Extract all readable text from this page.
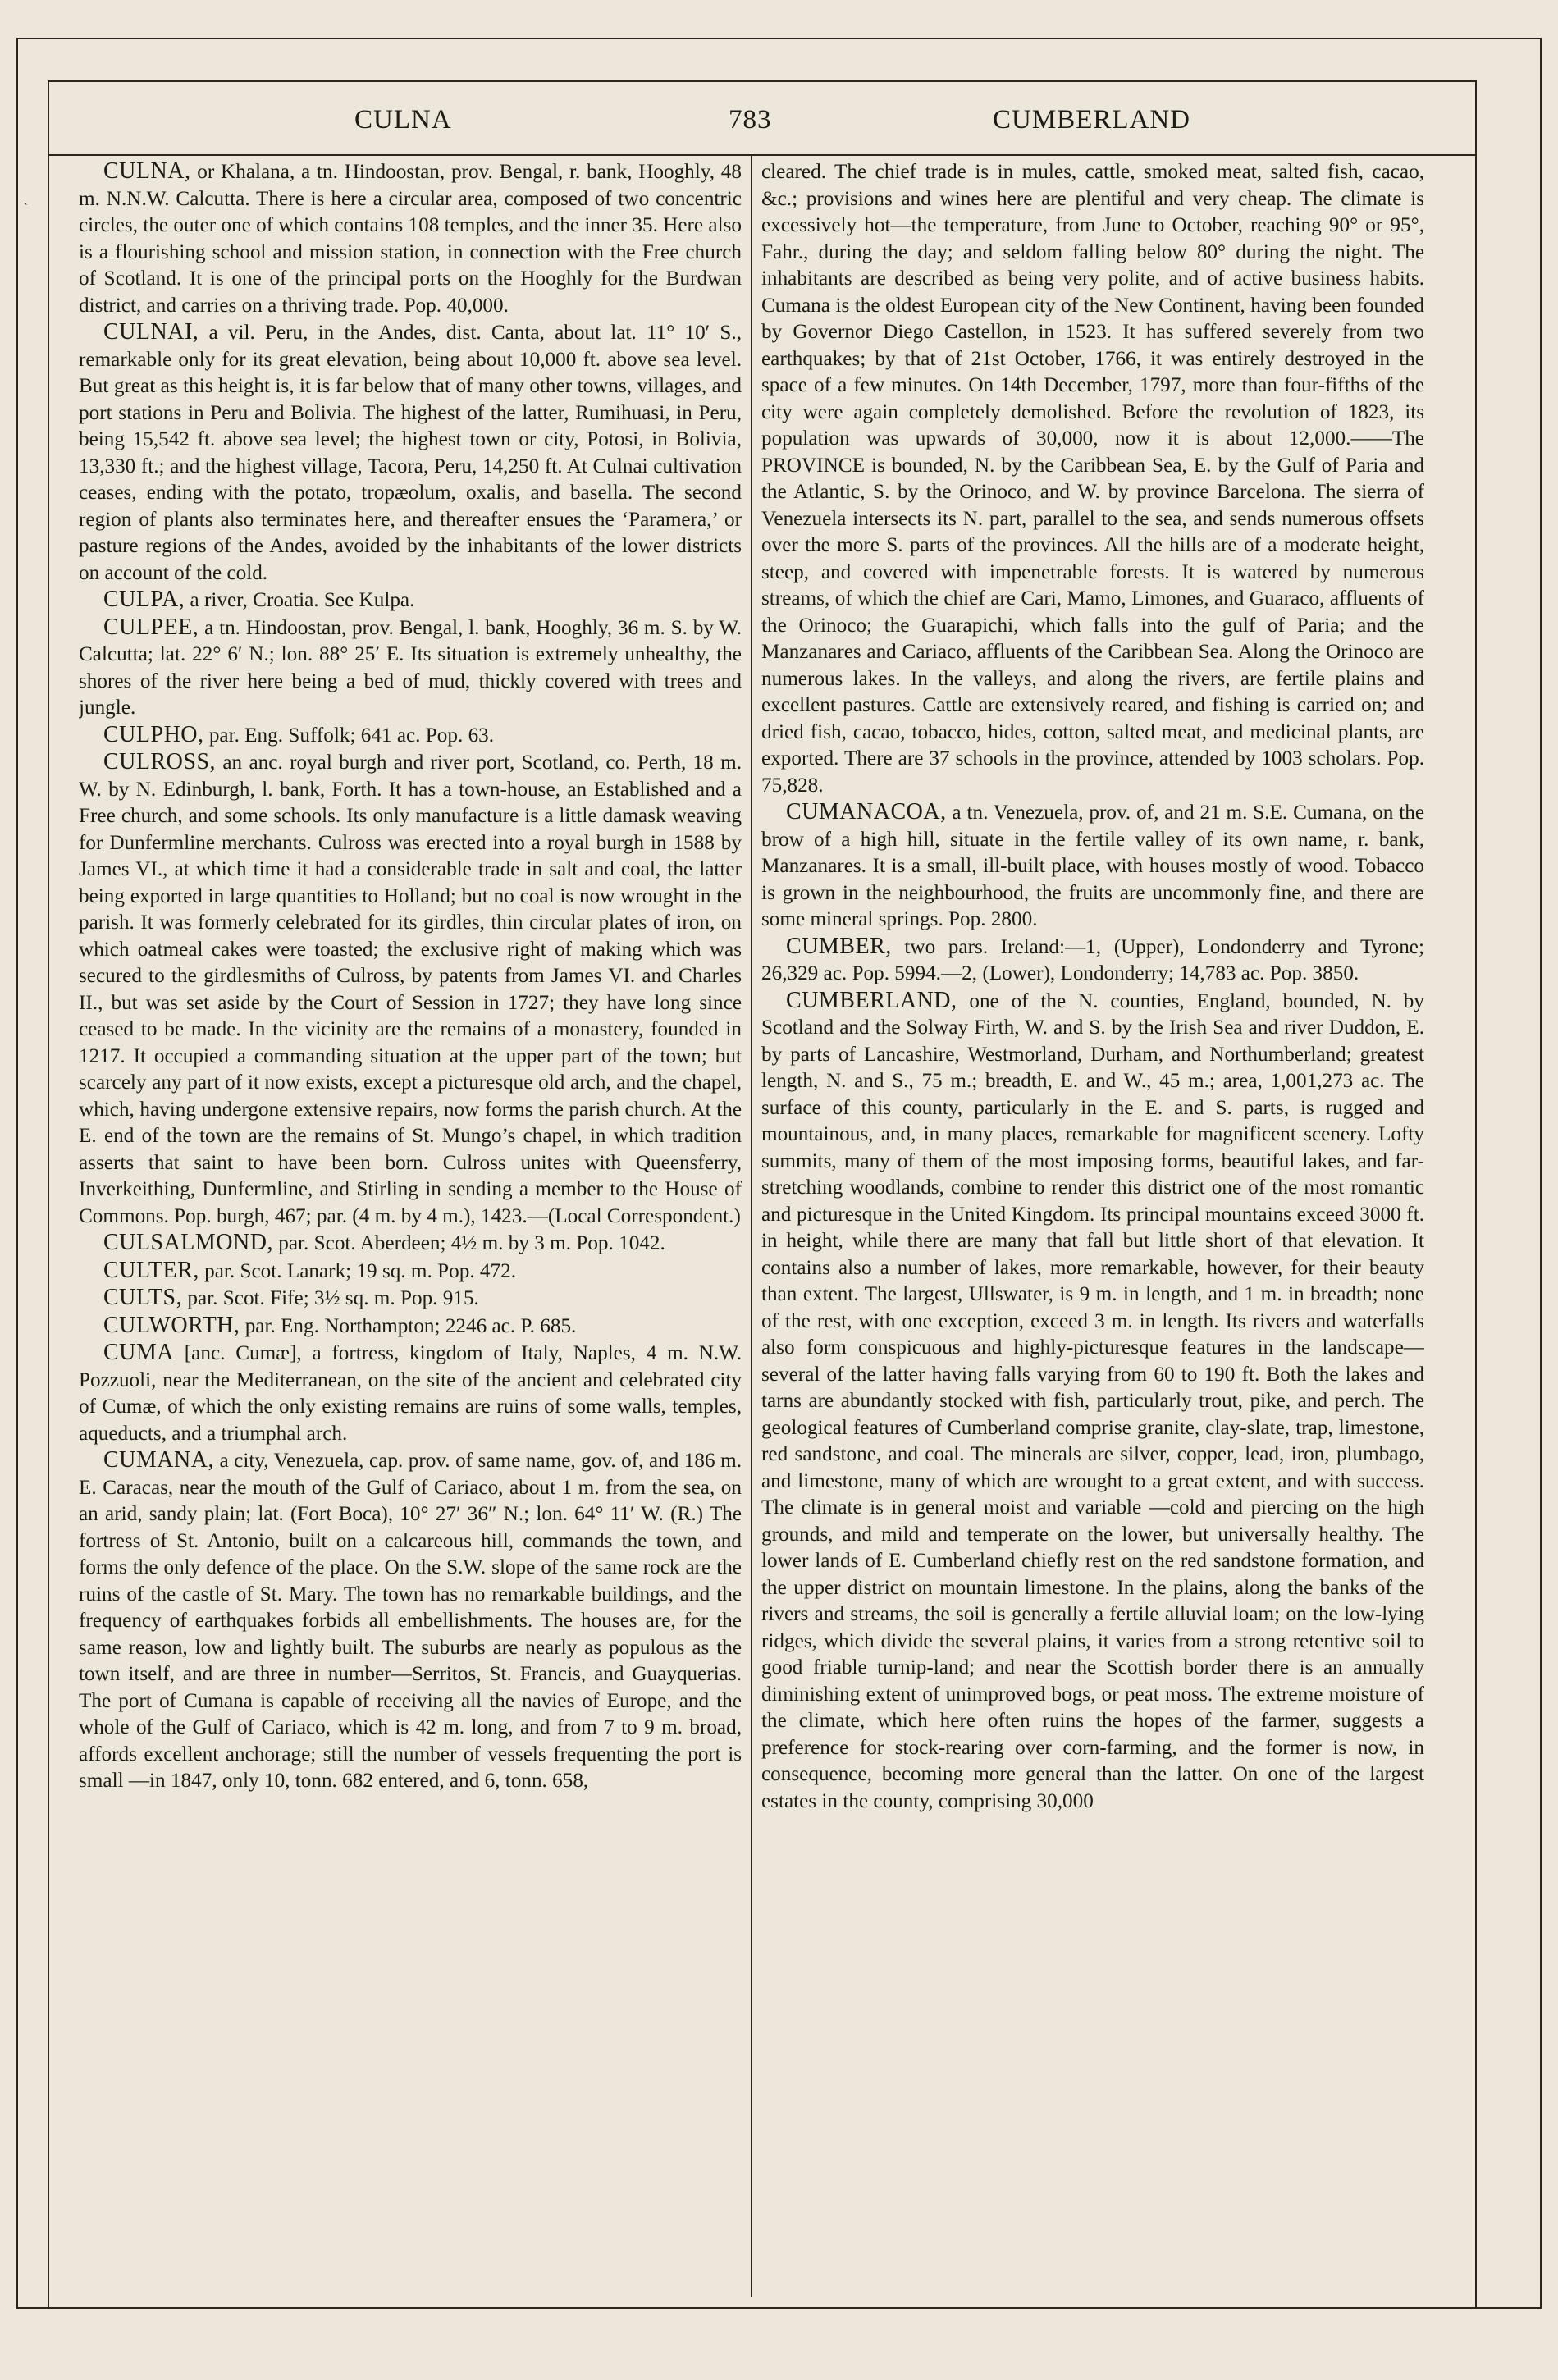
ˎ
CULNA	783	CUMBERLAND

CULNA, or Khalana, a tn. Hindoostan, prov. Bengal, r. bank, Hooghly, 48 m. N.N.W. Calcutta. There is here a circular area, composed of two concentric circles, the outer one of which contains 108 temples, and the inner 35. Here also is a flourishing school and mission station, in connection with the Free church of Scotland. It is one of the principal ports on the Hooghly for the Burdwan district, and carries on a thriving trade. Pop. 40,000.

CULNAI, a vil. Peru, in the Andes, dist. Canta, about lat. 11° 10′ S., remarkable only for its great elevation, being about 10,000 ft. above sea level. But great as this height is, it is far below that of many other towns, villages, and port stations in Peru and Bolivia. The highest of the latter, Rumihuasi, in Peru, being 15,542 ft. above sea level; the highest town or city, Potosi, in Bolivia, 13,330 ft.; and the highest village, Tacora, Peru, 14,250 ft. At Culnai cultivation ceases, ending with the potato, tropæolum, oxalis, and basella. The second region of plants also terminates here, and thereafter ensues the ‘Paramera,’ or pasture regions of the Andes, avoided by the inhabitants of the lower districts on account of the cold.

CULPA, a river, Croatia. See Kulpa.

CULPEE, a tn. Hindoostan, prov. Bengal, l. bank, Hooghly, 36 m. S. by W. Calcutta; lat. 22° 6′ N.; lon. 88° 25′ E. Its situation is extremely unhealthy, the shores of the river here being a bed of mud, thickly covered with trees and jungle.

CULPHO, par. Eng. Suffolk; 641 ac. Pop. 63.

CULROSS, an anc. royal burgh and river port, Scotland, co. Perth, 18 m. W. by N. Edinburgh, l. bank, Forth. It has a town-house, an Established and a Free church, and some schools. Its only manufacture is a little damask weaving for Dunfermline merchants. Culross was erected into a royal burgh in 1588 by James VI., at which time it had a considerable trade in salt and coal, the latter being exported in large quantities to Holland; but no coal is now wrought in the parish. It was formerly celebrated for its girdles, thin circular plates of iron, on which oatmeal cakes were toasted; the exclusive right of making which was secured to the girdlesmiths of Culross, by patents from James VI. and Charles II., but was set aside by the Court of Session in 1727; they have long since ceased to be made. In the vicinity are the remains of a monastery, founded in 1217. It occupied a commanding situation at the upper part of the town; but scarcely any part of it now exists, except a picturesque old arch, and the chapel, which, having undergone extensive repairs, now forms the parish church. At the E. end of the town are the remains of St. Mungo’s chapel, in which tradition asserts that saint to have been born. Culross unites with Queensferry, Inverkeithing, Dunfermline, and Stirling in sending a member to the House of Commons. Pop. burgh, 467; par. (4 m. by 4 m.), 1423.—(Local Correspondent.)

CULSALMOND, par. Scot. Aberdeen; 4½ m. by 3 m. Pop. 1042.

CULTER, par. Scot. Lanark; 19 sq. m. Pop. 472.

CULTS, par. Scot. Fife; 3½ sq. m. Pop. 915.

CULWORTH, par. Eng. Northampton; 2246 ac. P. 685.

CUMA [anc. Cumæ], a fortress, kingdom of Italy, Naples, 4 m. N.W. Pozzuoli, near the Mediterranean, on the site of the ancient and celebrated city of Cumæ, of which the only existing remains are ruins of some walls, temples, aqueducts, and a triumphal arch.

CUMANA, a city, Venezuela, cap. prov. of same name, gov. of, and 186 m. E. Caracas, near the mouth of the Gulf of Cariaco, about 1 m. from the sea, on an arid, sandy plain; lat. (Fort Boca), 10° 27′ 36″ N.; lon. 64° 11′ W. (R.) The fortress of St. Antonio, built on a calcareous hill, commands the town, and forms the only defence of the place. On the S.W. slope of the same rock are the ruins of the castle of St. Mary. The town has no remarkable buildings, and the frequency of earthquakes forbids all embellishments. The houses are, for the same reason, low and lightly built. The suburbs are nearly as populous as the town itself, and are three in number—Serritos, St. Francis, and Guayquerias. The port of Cumana is capable of receiving all the navies of Europe, and the whole of the Gulf of Cariaco, which is 42 m. long, and from 7 to 9 m. broad, affords excellent anchorage; still the number of vessels frequenting the port is small —in 1847, only 10, tonn. 682 entered, and 6, tonn. 658,

cleared. The chief trade is in mules, cattle, smoked meat, salted fish, cacao, &c.; provisions and wines here are plentiful and very cheap. The climate is excessively hot—the temperature, from June to October, reaching 90° or 95°, Fahr., during the day; and seldom falling below 80° during the night. The inhabitants are described as being very polite, and of active business habits. Cumana is the oldest European city of the New Continent, having been founded by Governor Diego Castellon, in 1523. It has suffered severely from two earthquakes; by that of 21st October, 1766, it was entirely destroyed in the space of a few minutes. On 14th December, 1797, more than four-fifths of the city were again completely demolished. Before the revolution of 1823, its population was upwards of 30,000, now it is about 12,000.——The PROVINCE is bounded, N. by the Caribbean Sea, E. by the Gulf of Paria and the Atlantic, S. by the Orinoco, and W. by province Barcelona. The sierra of Venezuela intersects its N. part, parallel to the sea, and sends numerous offsets over the more S. parts of the provinces. All the hills are of a moderate height, steep, and covered with impenetrable forests. It is watered by numerous streams, of which the chief are Cari, Mamo, Limones, and Guaraco, affluents of the Orinoco; the Guarapichi, which falls into the gulf of Paria; and the Manzanares and Cariaco, affluents of the Caribbean Sea. Along the Orinoco are numerous lakes. In the valleys, and along the rivers, are fertile plains and excellent pastures. Cattle are extensively reared, and fishing is carried on; and dried fish, cacao, tobacco, hides, cotton, salted meat, and medicinal plants, are exported. There are 37 schools in the province, attended by 1003 scholars. Pop. 75,828.

CUMANACOA, a tn. Venezuela, prov. of, and 21 m. S.E. Cumana, on the brow of a high hill, situate in the fertile valley of its own name, r. bank, Manzanares. It is a small, ill-built place, with houses mostly of wood. Tobacco is grown in the neighbourhood, the fruits are uncommonly fine, and there are some mineral springs. Pop. 2800.

CUMBER, two pars. Ireland:—1, (Upper), Londonderry and Tyrone; 26,329 ac. Pop. 5994.—2, (Lower), Londonderry; 14,783 ac. Pop. 3850.

CUMBERLAND, one of the N. counties, England, bounded, N. by Scotland and the Solway Firth, W. and S. by the Irish Sea and river Duddon, E. by parts of Lancashire, Westmorland, Durham, and Northumberland; greatest length, N. and S., 75 m.; breadth, E. and W., 45 m.; area, 1,001,273 ac. The surface of this county, particularly in the E. and S. parts, is rugged and mountainous, and, in many places, remarkable for magnificent scenery. Lofty summits, many of them of the most imposing forms, beautiful lakes, and far-stretching woodlands, combine to render this district one of the most romantic and picturesque in the United Kingdom. Its principal mountains exceed 3000 ft. in height, while there are many that fall but little short of that elevation. It contains also a number of lakes, more remarkable, however, for their beauty than extent. The largest, Ullswater, is 9 m. in length, and 1 m. in breadth; none of the rest, with one exception, exceed 3 m. in length. Its rivers and waterfalls also form conspicuous and highly-picturesque features in the landscape—several of the latter having falls varying from 60 to 190 ft. Both the lakes and tarns are abundantly stocked with fish, particularly trout, pike, and perch. The geological features of Cumberland comprise granite, clay-slate, trap, limestone, red sandstone, and coal. The minerals are silver, copper, lead, iron, plumbago, and limestone, many of which are wrought to a great extent, and with success. The climate is in general moist and variable —cold and piercing on the high grounds, and mild and temperate on the lower, but universally healthy. The lower lands of E. Cumberland chiefly rest on the red sandstone formation, and the upper district on mountain limestone. In the plains, along the banks of the rivers and streams, the soil is generally a fertile alluvial loam; on the low-lying ridges, which divide the several plains, it varies from a strong retentive soil to good friable turnip-land; and near the Scottish border there is an annually diminishing extent of unimproved bogs, or peat moss. The extreme moisture of the climate, which here often ruins the hopes of the farmer, suggests a preference for stock-rearing over corn-farming, and the former is now, in consequence, becoming more general than the latter. On one of the largest estates in the county, comprising 30,000
